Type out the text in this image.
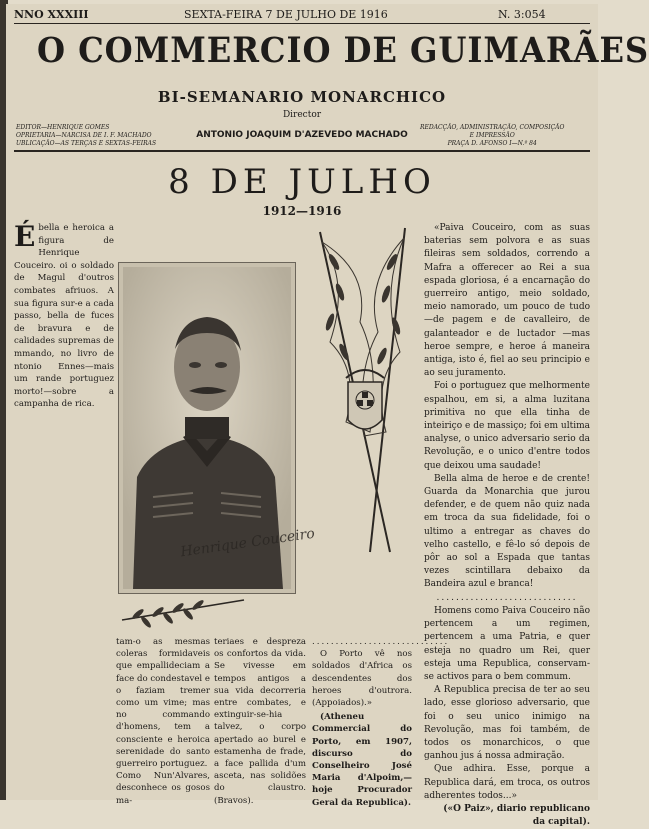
NNO XXXIII	SEXTA-FEIRA 7 DE JULHO DE 1916	N. 3:054
O COMMERCIO DE GUIMARÃES
BI-SEMANARIO MONARCHICO
Director
ANTONIO JOAQUIM D'AZEVEDO MACHADO
EDITOR—HENRIQUE GOMES
OPRIETARIA—NARCISA DE I. F. MACHADO
UBLICAÇÃO—AS TERÇAS E SEXTAS-FEIRAS
REDACÇÃO, ADMINISTRAÇÃO, COMPOSIÇÃO
E IMPRESSÃO
PRAÇA D. AFONSO I—N.º 84
8 DE JULHO
1912—1916
É bella e heroica a figura de Henrique Couceiro. oi o soldado de Magul d'outros combates afriuos. A sua figura sur-e a cada passo, bella de fuces de bravura e de calidades supremas de mmando, no livro de ntonio Ennes—mais um rande portuguez morto!—sobre a campanha de rica.

Henrique Couceiro

tam-o as mesmas coleras formidaveis que empallideciam a face do condestavel e o faziam tremer como um vime; mas no commando d'homens, tem a consciente e heroica serenidade do santo guerreiro portuguez.
Como Nun'Alvares, desconhece os gosos ma-

teriaes e despreza os confortos da vida. Se vivesse em tempos antigos a sua vida decorreria entre combates, e extinguir-se-hia talvez, o corpo apertado ao burel e estamenha de frade, a face pallida d'um asceta, nas solidões do claustro. (Bravos).

.............................

O Porto vê nos soldados d'Africa os descendentes dos heroes d'outrora. (Appoiados).»

(Atheneu Commercial do Porto, em 1907, discurso do Conselheiro José Maria d'Alpoim,— hoje Procurador Geral da Republica).

«Paiva Couceiro, com as suas baterias sem polvora e as suas fileiras sem soldados, correndo a Mafra a offerecer ao Rei a sua espada gloriosa, é a encarnação do guerreiro antigo, meio soldado, meio namorado, um pouco de tudo—de pagem e de cavalleiro, de galanteador e de luctador —mas heroe sempre, e heroe á maneira antiga, isto é, fiel ao seu principio e ao seu juramento.

Foi o portuguez que melhormente espalhou, em si, a alma luzitana primitiva no que ella tinha de inteiriço e de massiço; foi em ultima analyse, o unico adversario serio da Revolução, e o unico d'entre todos que deixou uma saudade!

Bella alma de heroe e de crente! Guarda da Monarchia que jurou defender, e de quem não quiz nada em troca da sua fidelidade, foi o ultimo a entregar as chaves do velho castello, e fê-lo só depois de pôr ao sol a Espada que tantas vezes scintillara debaixo da Bandeira azul e branca!

.............................

Homens como Paiva Couceiro não pertencem a um regimen, pertencem a uma Patria, e quer esteja no quadro um Rei, quer esteja uma Republica, conservam-se activos para o bem commum.

A Republica precisa de ter ao seu lado, esse glorioso adversario, que foi o seu unico inimigo na Revolução, mas foi também, de todos os monarchicos, o que ganhou jus á nossa admiração.

Que adhira. Esse, porque a Republica dará, em troca, os outros adherentes todos...»

(«O Paiz», diario republicano da capital).
